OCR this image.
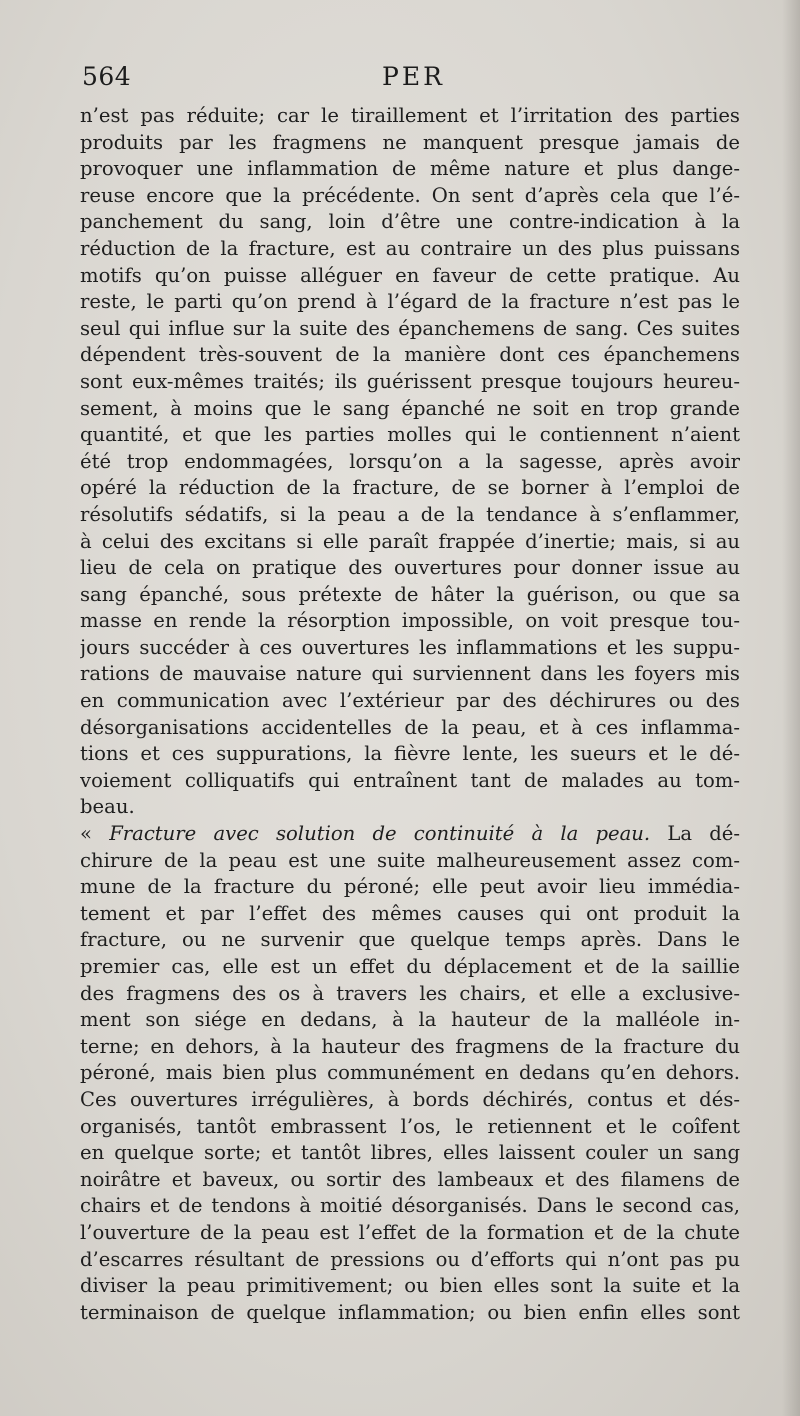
564	PER
n’est pas réduite; car le tiraillement et l’irritation des parties
produits par les fragmens ne manquent presque jamais de
provoquer une inflammation de même nature et plus dange-
reuse encore que la précédente. On sent d’après cela que l’é-
panchement du sang, loin d’être une contre-indication à la
réduction de la fracture, est au contraire un des plus puissans
motifs qu’on puisse alléguer en faveur de cette pratique. Au
reste, le parti qu’on prend à l’égard de la fracture n’est pas le
seul qui influe sur la suite des épanchemens de sang. Ces suites
dépendent très-souvent de la manière dont ces épanchemens
sont eux-mêmes traités; ils guérissent presque toujours heureu-
sement, à moins que le sang épanché ne soit en trop grande
quantité, et que les parties molles qui le contiennent n’aient
été trop endommagées, lorsqu’on a la sagesse, après avoir
opéré la réduction de la fracture, de se borner à l’emploi de
résolutifs sédatifs, si la peau a de la tendance à s’enflammer,
à celui des excitans si elle paraît frappée d’inertie; mais, si au
lieu de cela on pratique des ouvertures pour donner issue au
sang épanché, sous prétexte de hâter la guérison, ou que sa
masse en rende la résorption impossible, on voit presque tou-
jours succéder à ces ouvertures les inflammations et les suppu-
rations de mauvaise nature qui surviennent dans les foyers mis
en communication avec l’extérieur par des déchirures ou des
désorganisations accidentelles de la peau, et à ces inflamma-
tions et ces suppurations, la fièvre lente, les sueurs et le dé-
voiement colliquatifs qui entraînent tant de malades au tom-
beau.
« Fracture avec solution de continuité à la peau. La dé-
chirure de la peau est une suite malheureusement assez com-
mune de la fracture du péroné; elle peut avoir lieu immédia-
tement et par l’effet des mêmes causes qui ont produit la
fracture, ou ne survenir que quelque temps après. Dans le
premier cas, elle est un effet du déplacement et de la saillie
des fragmens des os à travers les chairs, et elle a exclusive-
ment son siége en dedans, à la hauteur de la malléole in-
terne; en dehors, à la hauteur des fragmens de la fracture du
péroné, mais bien plus communément en dedans qu’en dehors.
Ces ouvertures irrégulières, à bords déchirés, contus et dés-
organisés, tantôt embrassent l’os, le retiennent et le coîfent
en quelque sorte; et tantôt libres, elles laissent couler un sang
noirâtre et baveux, ou sortir des lambeaux et des filamens de
chairs et de tendons à moitié désorganisés. Dans le second cas,
l’ouverture de la peau est l’effet de la formation et de la chute
d’escarres résultant de pressions ou d’efforts qui n’ont pas pu
diviser la peau primitivement; ou bien elles sont la suite et la
terminaison de quelque inflammation; ou bien enfin elles sont
